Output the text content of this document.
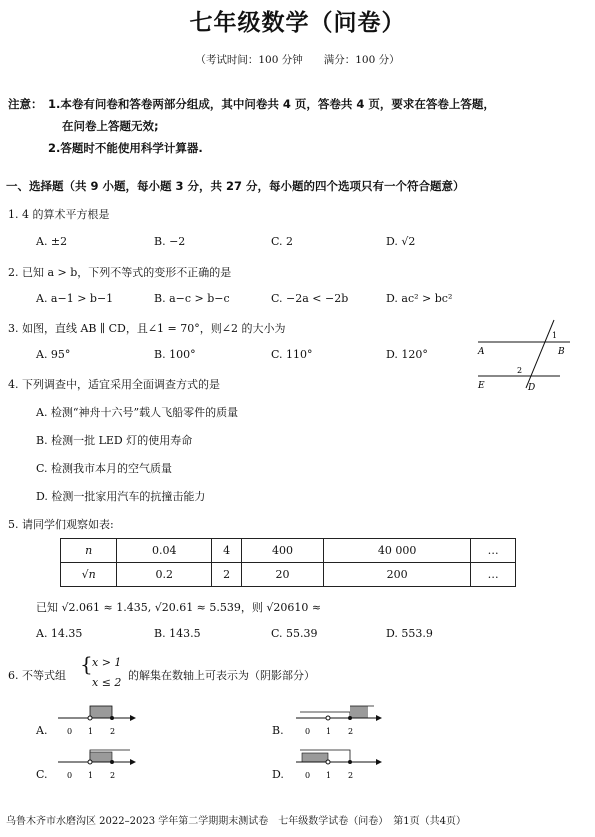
七年级数学（问卷）
（考试时间：100 分钟　　满分：100 分）
注意： 1.本卷有问卷和答卷两部分组成，其中问卷共 4 页，答卷共 4 页，要求在答卷上答题，
在问卷上答题无效;
2.答题时不能使用科学计算器.
一、选择题（共 9 小题，每小题 3 分，共 27 分，每小题的四个选项只有一个符合题意）
1. 4 的算术平方根是
A. ±2	B. −2	C. 2	D. √2
2. 已知 a > b，下列不等式的变形不正确的是
A. a−1 > b−1	B. a−c > b−c	C. −2a < −2b	D. ac² > bc²
3. 如图，直线 AB ∥ CD，且∠1 = 70°，则∠2 的大小为
A. 95°	B. 100°	C. 110°	D. 120°	A	B
E	D
1
2
4. 下列调查中，适宜采用全面调查方式的是
A. 检测“神舟十六号”载人飞船零件的质量
B. 检测一批 LED 灯的使用寿命
C. 检测我市本月的空气质量
D. 检测一批家用汽车的抗撞击能力
5. 请同学们观察如表:
n	0.04	4	400	40 000	…
√n	0.2	2	20	200	…
已知 √2.061 ≈ 1.435, √20.61 ≈ 5.539，则 √20610 ≈
A. 14.35	B. 143.5	C. 55.39	D. 553.9
6. 不等式组 { x > 1
x ≤ 2
的解集在数轴上可表示为（阴影部分）
A.	B.
C.	D.
0 1 2	0 1 2
0 1 2	0 1 2
乌鲁木齐市水磨沟区 2022–2023 学年第二学期期末测试卷　七年级数学试卷（问卷）　第1页（共4页）
